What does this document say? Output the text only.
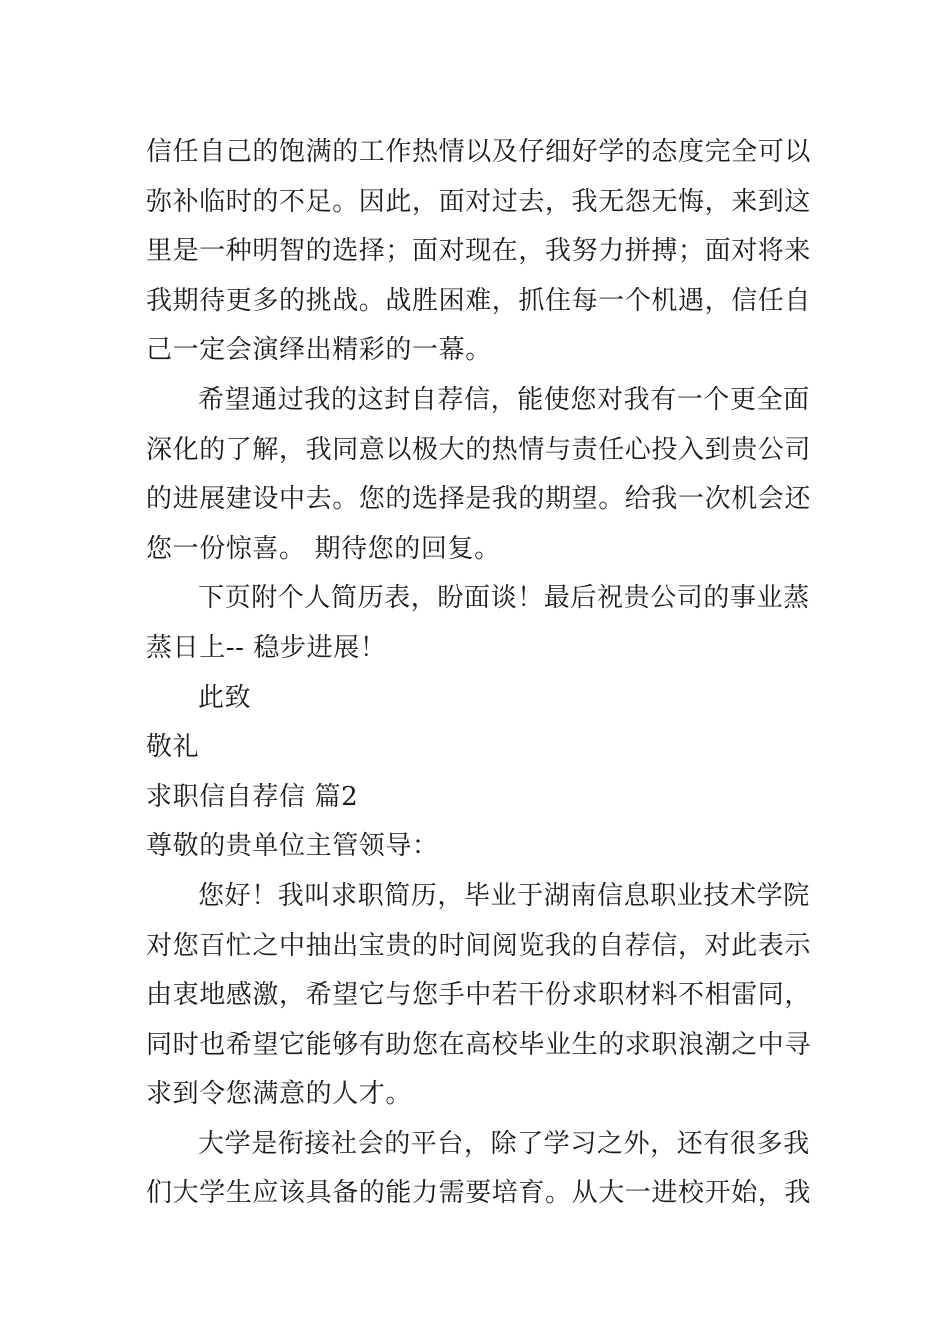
信任自己的饱满的工作热情以及仔细好学的态度完全可以
弥补临时的不足。因此，面对过去，我无怨无悔，来到这
里是一种明智的选择；面对现在，我努力拼搏；面对将来
我期待更多的挑战。战胜困难，抓住每一个机遇，信任自
己一定会演绎出精彩的一幕。
希望通过我的这封自荐信，能使您对我有一个更全面
深化的了解，我同意以极大的热情与责任心投入到贵公司
的进展建设中去。您的选择是我的期望。给我一次机会还
您一份惊喜。 期待您的回复。
下页附个人简历表，盼面谈！最后祝贵公司的事业蒸
蒸日上-- 稳步进展！
此致
敬礼
求职信自荐信 篇2
尊敬的贵单位主管领导：
您好！我叫求职简历，毕业于湖南信息职业技术学院
对您百忙之中抽出宝贵的时间阅览我的自荐信，对此表示
由衷地感激，希望它与您手中若干份求职材料不相雷同，
同时也希望它能够有助您在高校毕业生的求职浪潮之中寻
求到令您满意的人才。
大学是衔接社会的平台，除了学习之外，还有很多我
们大学生应该具备的能力需要培育。从大一进校开始，我
